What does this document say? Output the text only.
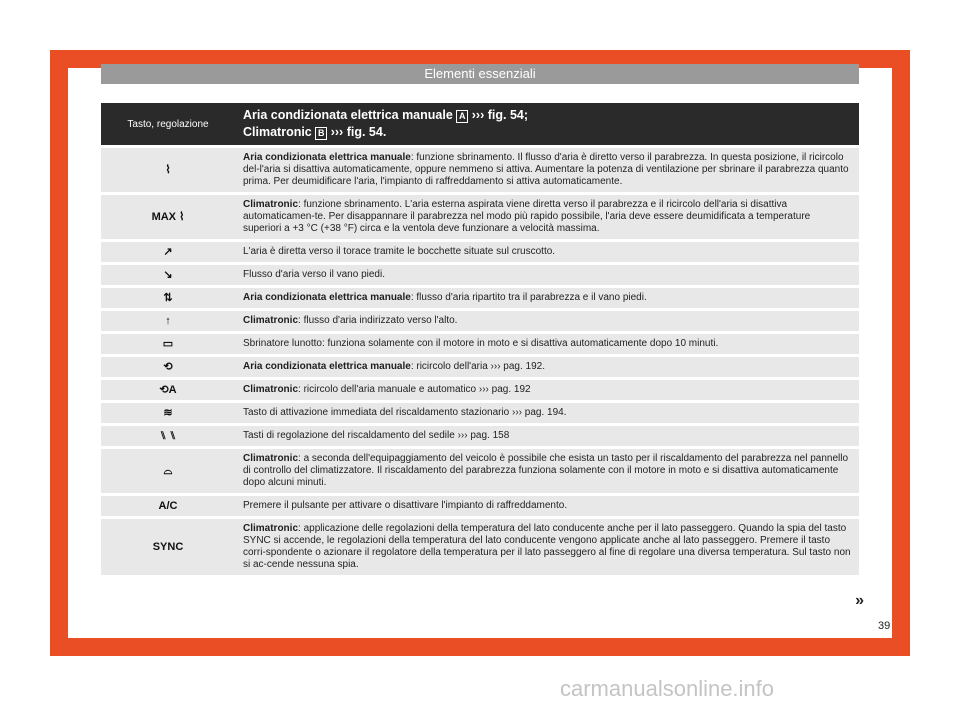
Elementi essenziali
Tasto, regolazione	Aria condizionata elettrica manuale A ››› fig. 54;
Climatronic B ››› fig. 54.
⌇	Aria condizionata elettrica manuale: funzione sbrinamento. Il flusso d'aria è diretto verso il parabrezza. In questa posizione, il ricircolo del-l'aria si disattiva automaticamente, oppure nemmeno si attiva. Aumentare la potenza di ventilazione per sbrinare il parabrezza quanto prima. Per deumidificare l'aria, l'impianto di raffreddamento si attiva automaticamente.
MAX ⌇	Climatronic: funzione sbrinamento. L'aria esterna aspirata viene diretta verso il parabrezza e il ricircolo dell'aria si disattiva automaticamen-te. Per disappannare il parabrezza nel modo più rapido possibile, l'aria deve essere deumidificata a temperature superiori a +3 °C (+38 °F) circa e la ventola deve funzionare a velocità massima.
↗	L'aria è diretta verso il torace tramite le bocchette situate sul cruscotto.
↘	Flusso d'aria verso il vano piedi.
⇅	Aria condizionata elettrica manuale: flusso d'aria ripartito tra il parabrezza e il vano piedi.
↑	Climatronic: flusso d'aria indirizzato verso l'alto.
▭	Sbrinatore lunotto: funziona solamente con il motore in moto e si disattiva automaticamente dopo 10 minuti.
⟲	Aria condizionata elettrica manuale: ricircolo dell'aria ››› pag. 192.
⟲A	Climatronic: ricircolo dell'aria manuale e automatico ››› pag. 192
≋	Tasto di attivazione immediata del riscaldamento stazionario ››› pag. 194.
⑊ ⑊	Tasti di regolazione del riscaldamento del sedile ››› pag. 158
⌓	Climatronic: a seconda dell'equipaggiamento del veicolo è possibile che esista un tasto per il riscaldamento del parabrezza nel pannello di controllo del climatizzatore. Il riscaldamento del parabrezza funziona solamente con il motore in moto e si disattiva automaticamente dopo alcuni minuti.
A/C	Premere il pulsante per attivare o disattivare l'impianto di raffreddamento.
SYNC	Climatronic: applicazione delle regolazioni della temperatura del lato conducente anche per il lato passeggero. Quando la spia del tasto SYNC si accende, le regolazioni della temperatura del lato conducente vengono applicate anche al lato passeggero. Premere il tasto corri-spondente o azionare il regolatore della temperatura per il lato passeggero al fine di regolare una diversa temperatura. Sul tasto non si ac-cende nessuna spia.
»
39
carmanualsonline.info
